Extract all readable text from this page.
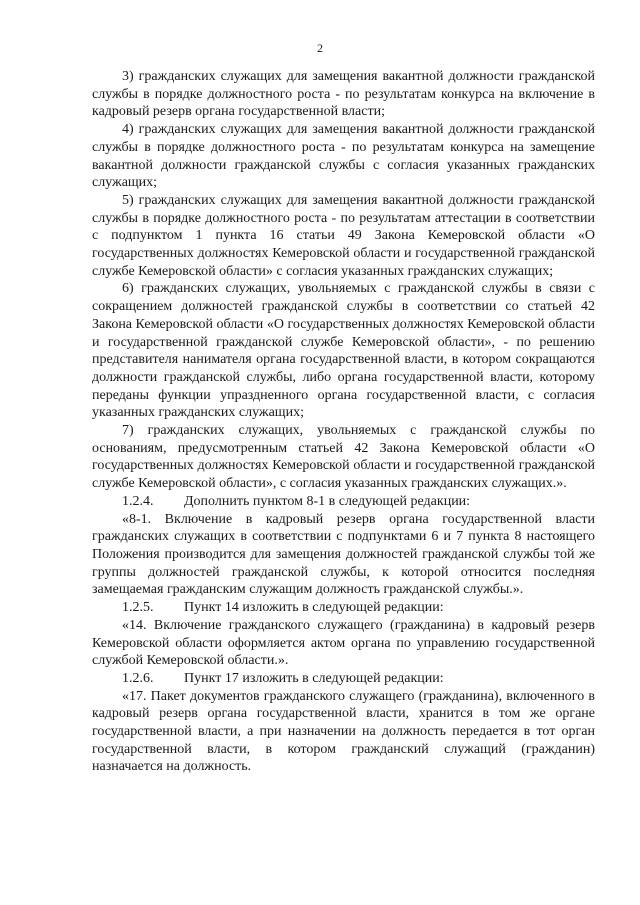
2

3) гражданских служащих для замещения вакантной должности гражданской службы в порядке должностного роста - по результатам конкурса на включение в кадровый резерв органа государственной власти;

4) гражданских служащих для замещения вакантной должности гражданской службы в порядке должностного роста - по результатам конкурса на замещение вакантной должности гражданской службы с согласия указанных гражданских служащих;

5) гражданских служащих для замещения вакантной должности гражданской службы в порядке должностного роста - по результатам аттестации в соответствии с подпунктом 1 пункта 16 статьи 49 Закона Кемеровской области «О государственных должностях Кемеровской области и государственной гражданской службе Кемеровской области» с согласия указанных гражданских служащих;

6) гражданских служащих, увольняемых с гражданской службы в связи с сокращением должностей гражданской службы в соответствии со статьей 42 Закона Кемеровской области «О государственных должностях Кемеровской области и государственной гражданской службе Кемеровской области», - по решению представителя нанимателя органа государственной власти, в котором сокращаются должности гражданской службы, либо органа государственной власти, которому переданы функции упраздненного органа государственной власти, с согласия указанных гражданских служащих;

7) гражданских служащих, увольняемых с гражданской службы по основаниям, предусмотренным статьей 42 Закона Кемеровской области «О государственных должностях Кемеровской области и государственной гражданской службе Кемеровской области», с согласия указанных гражданских служащих.».

1.2.4. Дополнить пунктом 8-1 в следующей редакции:

«8-1. Включение в кадровый резерв органа государственной власти гражданских служащих в соответствии с подпунктами 6 и 7 пункта 8 настоящего Положения производится для замещения должностей гражданской службы той же группы должностей гражданской службы, к которой относится последняя замещаемая гражданским служащим должность гражданской службы.».

1.2.5. Пункт 14 изложить в следующей редакции:

«14. Включение гражданского служащего (гражданина) в кадровый резерв Кемеровской области оформляется актом органа по управлению государственной службой Кемеровской области.».

1.2.6. Пункт 17 изложить в следующей редакции:

«17. Пакет документов гражданского служащего (гражданина), включенного в кадровый резерв органа государственной власти, хранится в том же органе государственной власти, а при назначении на должность передается в тот орган государственной власти, в котором гражданский служащий (гражданин) назначается на должность.
